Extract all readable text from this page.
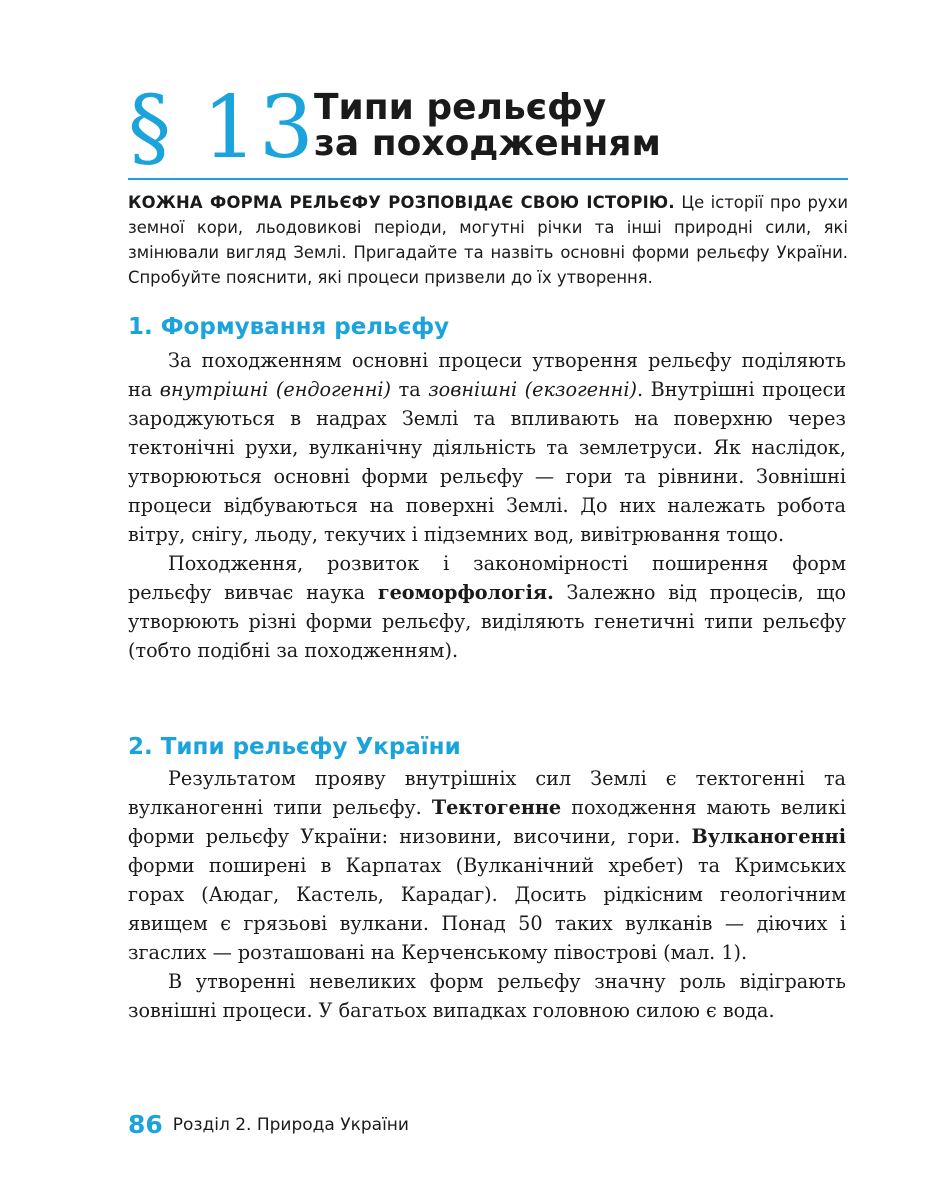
§ 13
Типи рельєфу
за походженням
КОЖНА ФОРМА РЕЛЬЄФУ РОЗПОВІДАЄ СВОЮ ІСТОРІЮ. Це історії про рухи земної кори, льодовикові періоди, могутні річки та інші природні сили, які змінювали вигляд Землі. Пригадайте та назвіть основні форми рельєфу України. Спробуйте пояснити, які процеси призвели до їх утворення.
1. Формування рельєфу

За походженням основні процеси утворення рельєфу поділяють на внутрішні (ендогенні) та зовнішні (екзогенні). Внутрішні процеси зароджуються в надрах Землі та впливають на поверхню через тектонічні рухи, вулканічну діяльність та землетруси. Як наслідок, утворюються основні форми рельєфу — гори та рівнини. Зовнішні процеси відбуваються на поверхні Землі. До них належать робота вітру, снігу, льоду, текучих і підземних вод, вивітрювання тощо.

Походження, розвиток і закономірності поширення форм рельєфу вивчає наука геоморфологія. Залежно від процесів, що утворюють різні форми рельєфу, виділяють генетичні типи рельєфу (тобто подібні за походженням).

2. Типи рельєфу України

Результатом прояву внутрішніх сил Землі є тектогенні та вулканогенні типи рельєфу. Тектогенне походження мають великі форми рельєфу України: низовини, височини, гори. Вулканогенні форми поширені в Карпатах (Вулканічний хребет) та Кримських горах (Аюдаг, Кастель, Карадаг). Досить рідкісним геологічним явищем є грязьові вулкани. Понад 50 таких вулканів — діючих і згаслих — розташовані на Керченському півострові (мал. 1).

В утворенні невеликих форм рельєфу значну роль відіграють зовнішні процеси. У багатьох випадках головною силою є вода.

86 Розділ 2. Природа України
